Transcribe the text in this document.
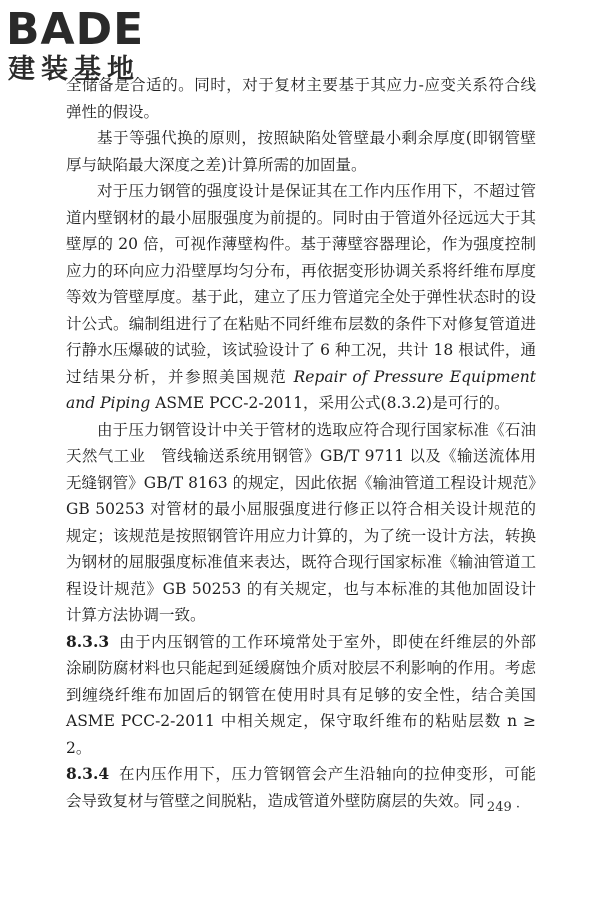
BADE
建装基地

全储备是合适的。同时，对于复材主要基于其应力-应变关系符合线弹性的假设。

基于等强代换的原则，按照缺陷处管壁最小剩余厚度(即钢管壁厚与缺陷最大深度之差)计算所需的加固量。

对于压力钢管的强度设计是保证其在工作内压作用下，不超过管道内壁钢材的最小屈服强度为前提的。同时由于管道外径远远大于其壁厚的 20 倍，可视作薄壁构件。基于薄壁容器理论，作为强度控制应力的环向应力沿壁厚均匀分布，再依据变形协调关系将纤维布厚度等效为管壁厚度。基于此，建立了压力管道完全处于弹性状态时的设计公式。编制组进行了在粘贴不同纤维布层数的条件下对修复管道进行静水压爆破的试验，该试验设计了 6 种工况，共计 18 根试件，通过结果分析，并参照美国规范 Repair of Pressure Equipment and Piping ASME PCC-2-2011，采用公式(8.3.2)是可行的。

由于压力钢管设计中关于管材的选取应符合现行国家标准《石油天然气工业　管线输送系统用钢管》GB/T 9711 以及《输送流体用无缝钢管》GB/T 8163 的规定，因此依据《输油管道工程设计规范》GB 50253 对管材的最小屈服强度进行修正以符合相关设计规范的规定；该规范是按照钢管许用应力计算的，为了统一设计方法，转换为钢材的屈服强度标准值来表达，既符合现行国家标准《输油管道工程设计规范》GB 50253 的有关规定，也与本标准的其他加固设计计算方法协调一致。

8.3.3 由于内压钢管的工作环境常处于室外，即使在纤维层的外部涂刷防腐材料也只能起到延缓腐蚀介质对胶层不利影响的作用。考虑到缠绕纤维布加固后的钢管在使用时具有足够的安全性，结合美国 ASME PCC-2-2011 中相关规定，保守取纤维布的粘贴层数 n ≥ 2。

8.3.4 在内压作用下，压力管钢管会产生沿轴向的拉伸变形，可能会导致复材与管壁之间脱粘，造成管道外壁防腐层的失效。同

· 249 ·
